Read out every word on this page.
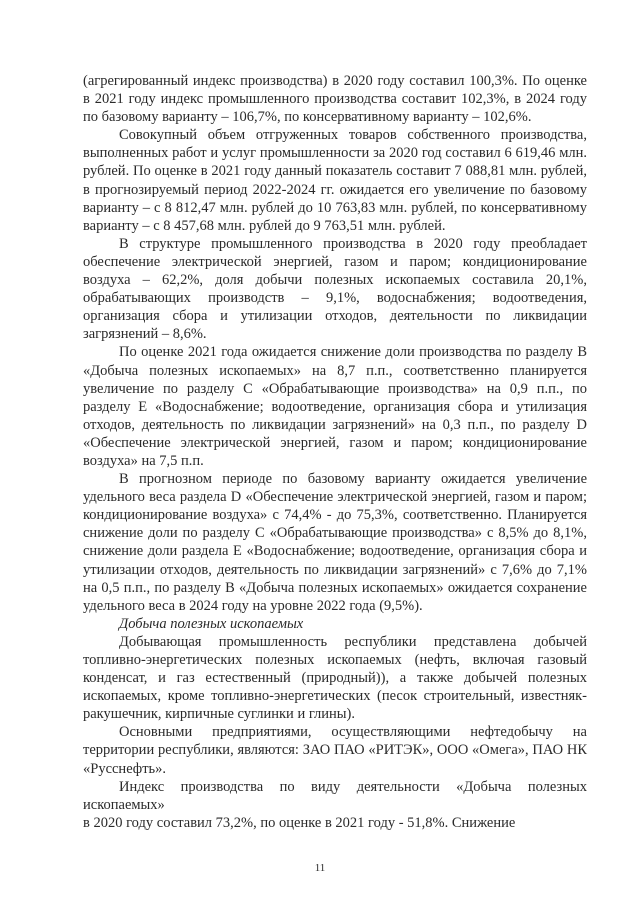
(агрегированный индекс производства) в 2020 году составил 100,3%. По оценке в 2021 году индекс промышленного производства составит 102,3%, в 2024 году по базовому варианту – 106,7%, по консервативному варианту – 102,6%.

Совокупный объем отгруженных товаров собственного производства, выполненных работ и услуг промышленности за 2020 год составил 6 619,46 млн. рублей. По оценке в 2021 году данный показатель составит 7 088,81 млн. рублей, в прогнозируемый период 2022-2024 гг. ожидается его увеличение по базовому варианту – с 8 812,47 млн. рублей до 10 763,83 млн. рублей, по консервативному варианту – с 8 457,68 млн. рублей до 9 763,51 млн. рублей.

В структуре промышленного производства в 2020 году преобладает обеспечение электрической энергией, газом и паром; кондиционирование воздуха – 62,2%, доля добычи полезных ископаемых составила 20,1%, обрабатывающих производств – 9,1%, водоснабжения; водоотведения, организация сбора и утилизации отходов, деятельности по ликвидации загрязнений – 8,6%.

По оценке 2021 года ожидается снижение доли производства по разделу В «Добыча полезных ископаемых» на 8,7 п.п., соответственно планируется увеличение по разделу С «Обрабатывающие производства» на 0,9 п.п., по разделу Е «Водоснабжение; водоотведение, организация сбора и утилизация отходов, деятельность по ликвидации загрязнений» на 0,3 п.п., по разделу D «Обеспечение электрической энергией, газом и паром; кондиционирование воздуха» на 7,5 п.п.

В прогнозном периоде по базовому варианту ожидается увеличение удельного веса раздела D «Обеспечение электрической энергией, газом и паром; кондиционирование воздуха» с 74,4% - до 75,3%, соответственно. Планируется снижение доли по разделу С «Обрабатывающие производства» с 8,5% до 8,1%, снижение доли раздела Е «Водоснабжение; водоотведение, организация сбора и утилизации отходов, деятельность по ликвидации загрязнений» с 7,6% до 7,1% на 0,5 п.п., по разделу В «Добыча полезных ископаемых» ожидается сохранение удельного веса в 2024 году на уровне 2022 года (9,5%).

Добыча полезных ископаемых

Добывающая промышленность республики представлена добычей топливно-энергетических полезных ископаемых (нефть, включая газовый конденсат, и газ естественный (природный)), а также добычей полезных ископаемых, кроме топливно-энергетических (песок строительный, известняк-ракушечник, кирпичные суглинки и глины).

Основными предприятиями, осуществляющими нефтедобычу на территории республики, являются: ЗАО ПАО «РИТЭК», ООО «Омега», ПАО НК «Русснефть».

Индекс производства по виду деятельности «Добыча полезных ископаемых»

в 2020 году составил 73,2%, по оценке в 2021 году - 51,8%. Снижение

11
